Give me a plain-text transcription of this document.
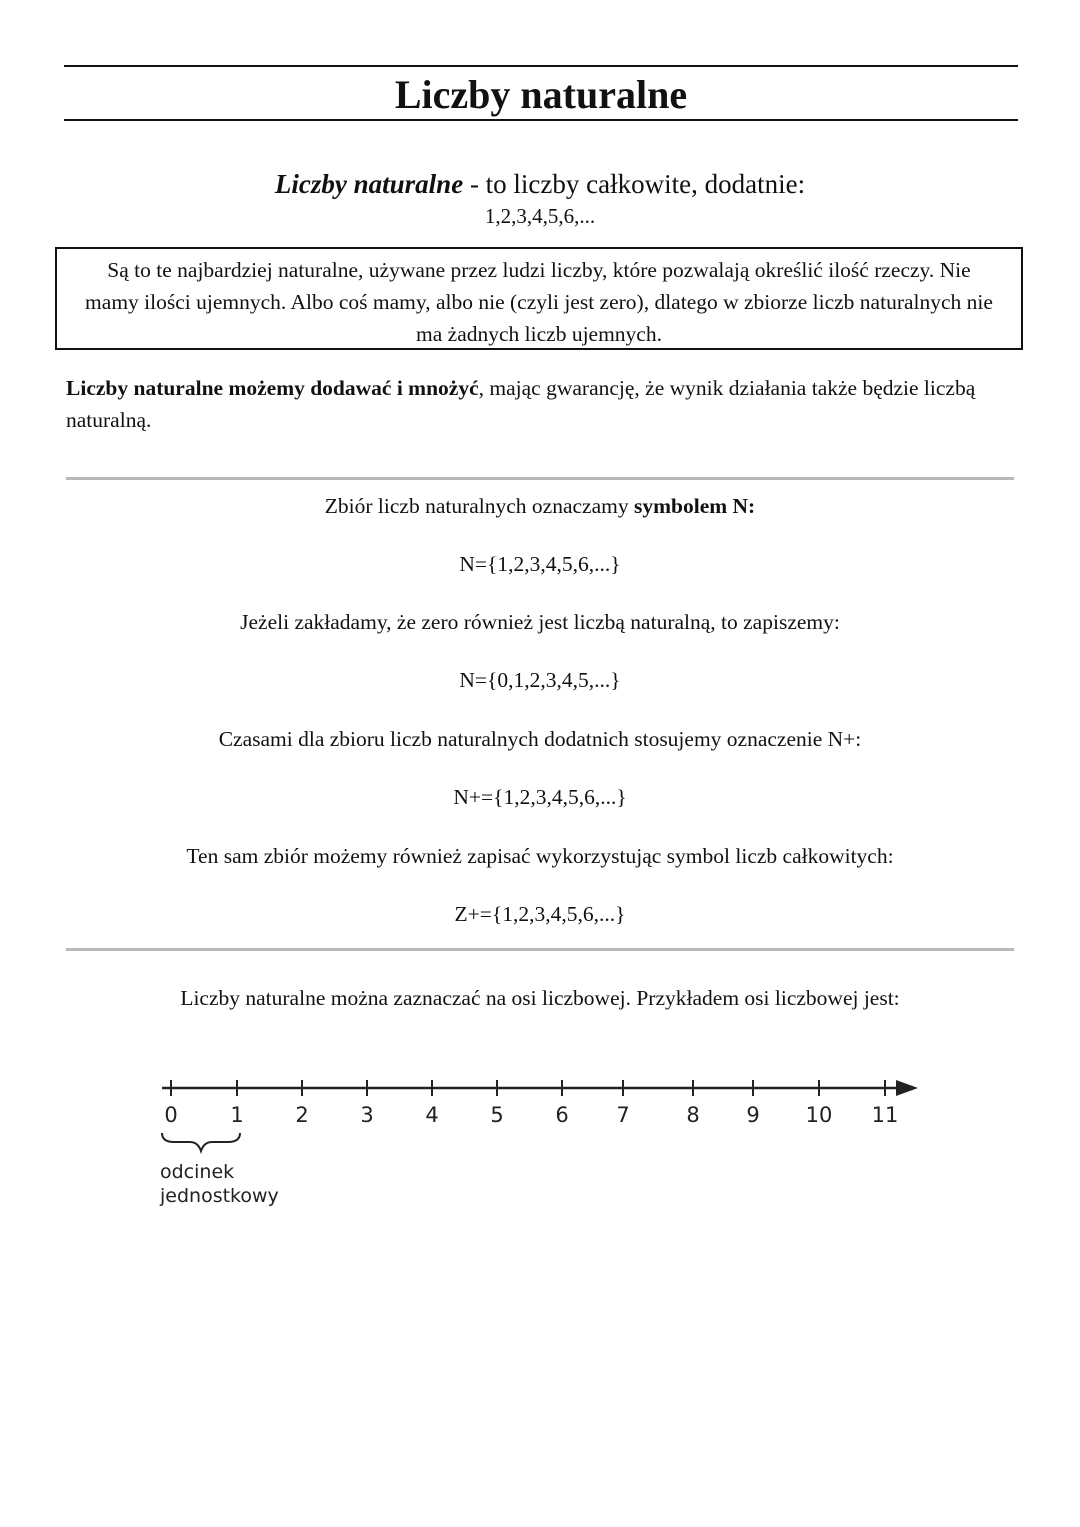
Liczby naturalne
Liczby naturalne - to liczby całkowite, dodatnie:
1,2,3,4,5,6,...
Są to te najbardziej naturalne, używane przez ludzi liczby, które pozwalają określić ilość rzeczy. Nie mamy ilości ujemnych. Albo coś mamy, albo nie (czyli jest zero), dlatego w zbiorze liczb naturalnych nie ma żadnych liczb ujemnych.
Liczby naturalne możemy dodawać i mnożyć, mając gwarancję, że wynik działania także będzie liczbą naturalną.
Zbiór liczb naturalnych oznaczamy symbolem N:
N={1,2,3,4,5,6,...}
Jeżeli zakładamy, że zero również jest liczbą naturalną, to zapiszemy:
N={0,1,2,3,4,5,...}
Czasami dla zbioru liczb naturalnych dodatnich stosujemy oznaczenie N+:
N+={1,2,3,4,5,6,...}
Ten sam zbiór możemy również zapisać wykorzystując symbol liczb całkowitych:
Z+={1,2,3,4,5,6,...}
Liczby naturalne można zaznaczać na osi liczbowej. Przykładem osi liczbowej jest:
0	1 2 3 4 5 6 7	8 9 10 11
odcinek
jednostkowy
